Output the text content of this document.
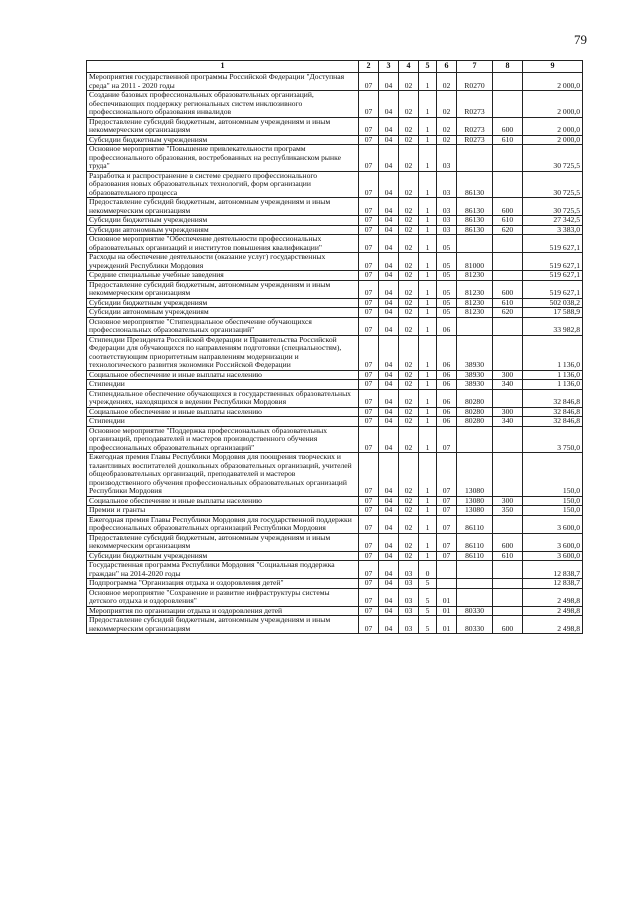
79
1	2	3	4	5	6	7	8	9
Мероприятия государственной программы Российской Федерации "Доступная среда" на 2011 - 2020 годы	07	04	02	1	02	R0270		2 000,0
Создание базовых профессиональных образовательных организаций, обеспечивающих поддержку региональных систем инклюзивного профессионального образования инвалидов	07	04	02	1	02	R0273		2 000,0
Предоставление субсидий бюджетным, автономным учреждениям и иным некоммерческим организациям	07	04	02	1	02	R0273	600	2 000,0
Субсидии бюджетным учреждениям	07	04	02	1	02	R0273	610	2 000,0
Основное мероприятие "Повышение привлекательности программ профессионального образования, востребованных на республиканском рынке труда"	07	04	02	1	03			30 725,5
Разработка и распространение в системе среднего профессионального образования новых образовательных технологий, форм организации образовательного процесса	07	04	02	1	03	86130		30 725,5
Предоставление субсидий бюджетным, автономным учреждениям и иным некоммерческим организациям	07	04	02	1	03	86130	600	30 725,5
Субсидии бюджетным учреждениям	07	04	02	1	03	86130	610	27 342,5
Субсидии автономным учреждениям	07	04	02	1	03	86130	620	3 383,0
Основное мероприятие "Обеспечение деятельности профессиональных образовательных организаций и институтов повышения квалификации"	07	04	02	1	05			519 627,1
Расходы на обеспечение деятельности (оказание услуг) государственных учреждений Республики Мордовия	07	04	02	1	05	81000		519 627,1
Средние специальные учебные заведения	07	04	02	1	05	81230		519 627,1
Предоставление субсидий бюджетным, автономным учреждениям и иным некоммерческим организациям	07	04	02	1	05	81230	600	519 627,1
Субсидии бюджетным учреждениям	07	04	02	1	05	81230	610	502 038,2
Субсидии автономным учреждениям	07	04	02	1	05	81230	620	17 588,9
Основное мероприятие "Стипендиальное обеспечение обучающихся профессиональных образовательных организаций"	07	04	02	1	06			33 982,8
Стипендии Президента Российской Федерации и Правительства Российской Федерации для обучающихся по направлениям подготовки (специальностям), соответствующим приоритетным направлениям модернизации и технологического развития экономики Российской Федерации	07	04	02	1	06	38930		1 136,0
Социальное обеспечение и иные выплаты населению	07	04	02	1	06	38930	300	1 136,0
Стипендии	07	04	02	1	06	38930	340	1 136,0
Стипендиальное обеспечение обучающихся в государственных образовательных учреждениях, находящихся в ведении Республики Мордовия	07	04	02	1	06	80280		32 846,8
Социальное обеспечение и иные выплаты населению	07	04	02	1	06	80280	300	32 846,8
Стипендии	07	04	02	1	06	80280	340	32 846,8
Основное мероприятие "Поддержка профессиональных образовательных организаций, преподавателей и мастеров производственного обучения профессиональных образовательных организаций"	07	04	02	1	07			3 750,0
Ежегодная премия Главы Республики Мордовия для поощрения творческих и талантливых воспитателей дошкольных образовательных организаций, учителей общеобразовательных организаций, преподавателей и мастеров производственного обучения профессиональных образовательных организаций Республики Мордовия	07	04	02	1	07	13080		150,0
Социальное обеспечение и иные выплаты населению	07	04	02	1	07	13080	300	150,0
Премии и гранты	07	04	02	1	07	13080	350	150,0
Ежегодная премия Главы Республики Мордовия для государственной поддержки профессиональных образовательных организаций Республики Мордовия	07	04	02	1	07	86110		3 600,0
Предоставление субсидий бюджетным, автономным учреждениям и иным некоммерческим организациям	07	04	02	1	07	86110	600	3 600,0
Субсидии бюджетным учреждениям	07	04	02	1	07	86110	610	3 600,0
Государственная программа Республики Мордовия "Социальная поддержка граждан" на 2014-2020 годы	07	04	03	0				12 838,7
Подпрограмма "Организация отдыха и оздоровления детей"	07	04	03	5				12 838,7
Основное мероприятие "Сохранение и развитие инфраструктуры системы детского отдыха и оздоровления"	07	04	03	5	01			2 498,8
Мероприятия по организации отдыха и оздоровления детей	07	04	03	5	01	80330		2 498,8
Предоставление субсидий бюджетным, автономным учреждениям и иным некоммерческим организациям	07	04	03	5	01	80330	600	2 498,8
